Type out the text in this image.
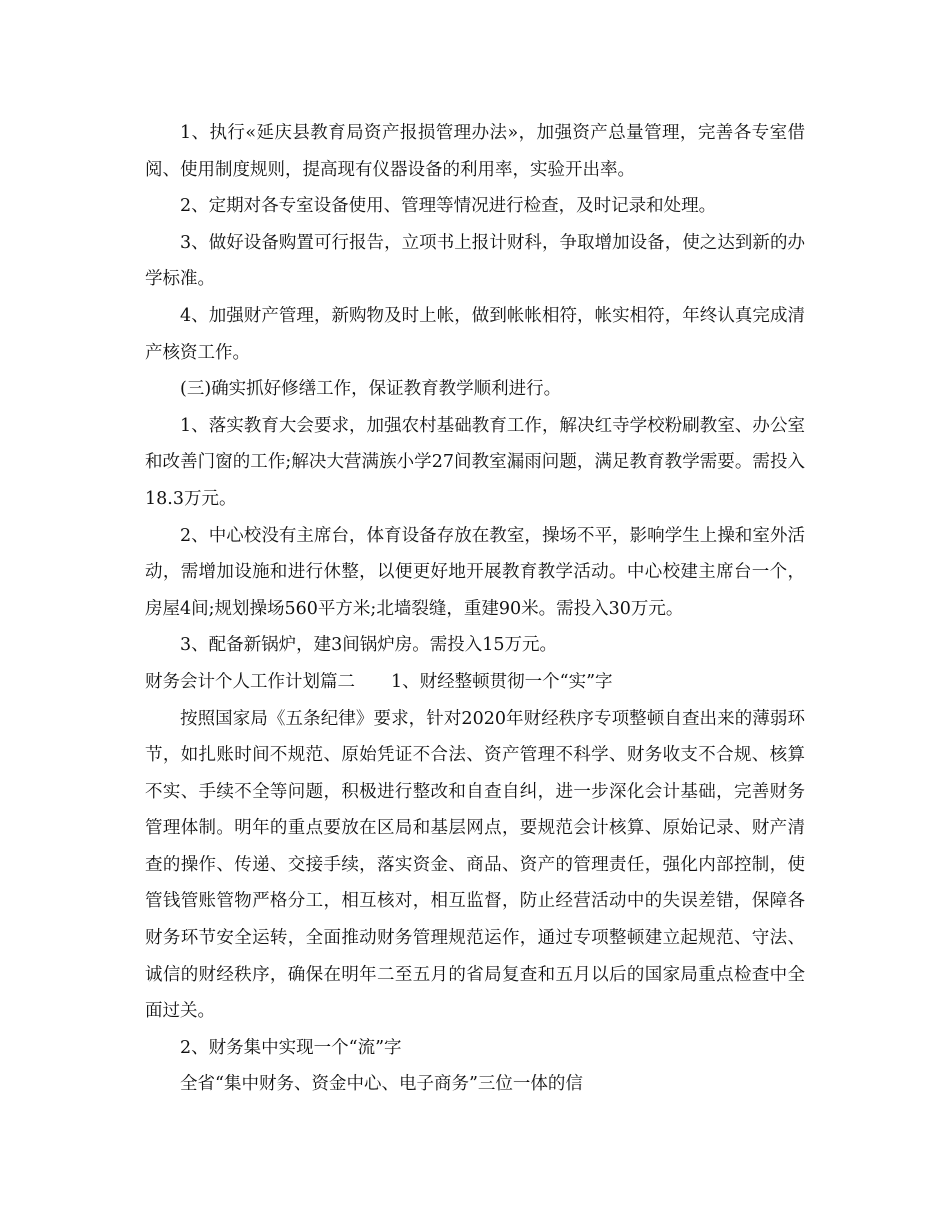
1、执行«延庆县教育局资产报损管理办法»，加强资产总量管理，完善各专室借阅、使用制度规则，提高现有仪器设备的利用率，实验开出率。

2、定期对各专室设备使用、管理等情况进行检查，及时记录和处理。

3、做好设备购置可行报告，立项书上报计财科，争取增加设备，使之达到新的办学标准。

4、加强财产管理，新购物及时上帐，做到帐帐相符，帐实相符，年终认真完成清产核资工作。

(三)确实抓好修缮工作，保证教育教学顺利进行。

1、落实教育大会要求，加强农村基础教育工作，解决红寺学校粉刷教室、办公室和改善门窗的工作;解决大营满族小学27间教室漏雨问题，满足教育教学需要。需投入18.3万元。

2、中心校没有主席台，体育设备存放在教室，操场不平，影响学生上操和室外活动，需增加设施和进行休整，以便更好地开展教育教学活动。中心校建主席台一个，房屋4间;规划操场560平方米;北墙裂缝，重建90米。需投入30万元。

3、配备新锅炉，建3间锅炉房。需投入15万元。

财务会计个人工作计划篇二 1、财经整顿贯彻一个“实”字

按照国家局《五条纪律》要求，针对2020年财经秩序专项整顿自查出来的薄弱环节，如扎账时间不规范、原始凭证不合法、资产管理不科学、财务收支不合规、核算不实、手续不全等问题，积极进行整改和自查自纠，进一步深化会计基础，完善财务管理体制。明年的重点要放在区局和基层网点，要规范会计核算、原始记录、财产清查的操作、传递、交接手续，落实资金、商品、资产的管理责任，强化内部控制，使管钱管账管物严格分工，相互核对，相互监督，防止经营活动中的失误差错，保障各财务环节安全运转，全面推动财务管理规范运作，通过专项整顿建立起规范、守法、诚信的财经秩序，确保在明年二至五月的省局复查和五月以后的国家局重点检查中全面过关。

2、财务集中实现一个“流”字

全省“集中财务、资金中心、电子商务”三位一体的信
